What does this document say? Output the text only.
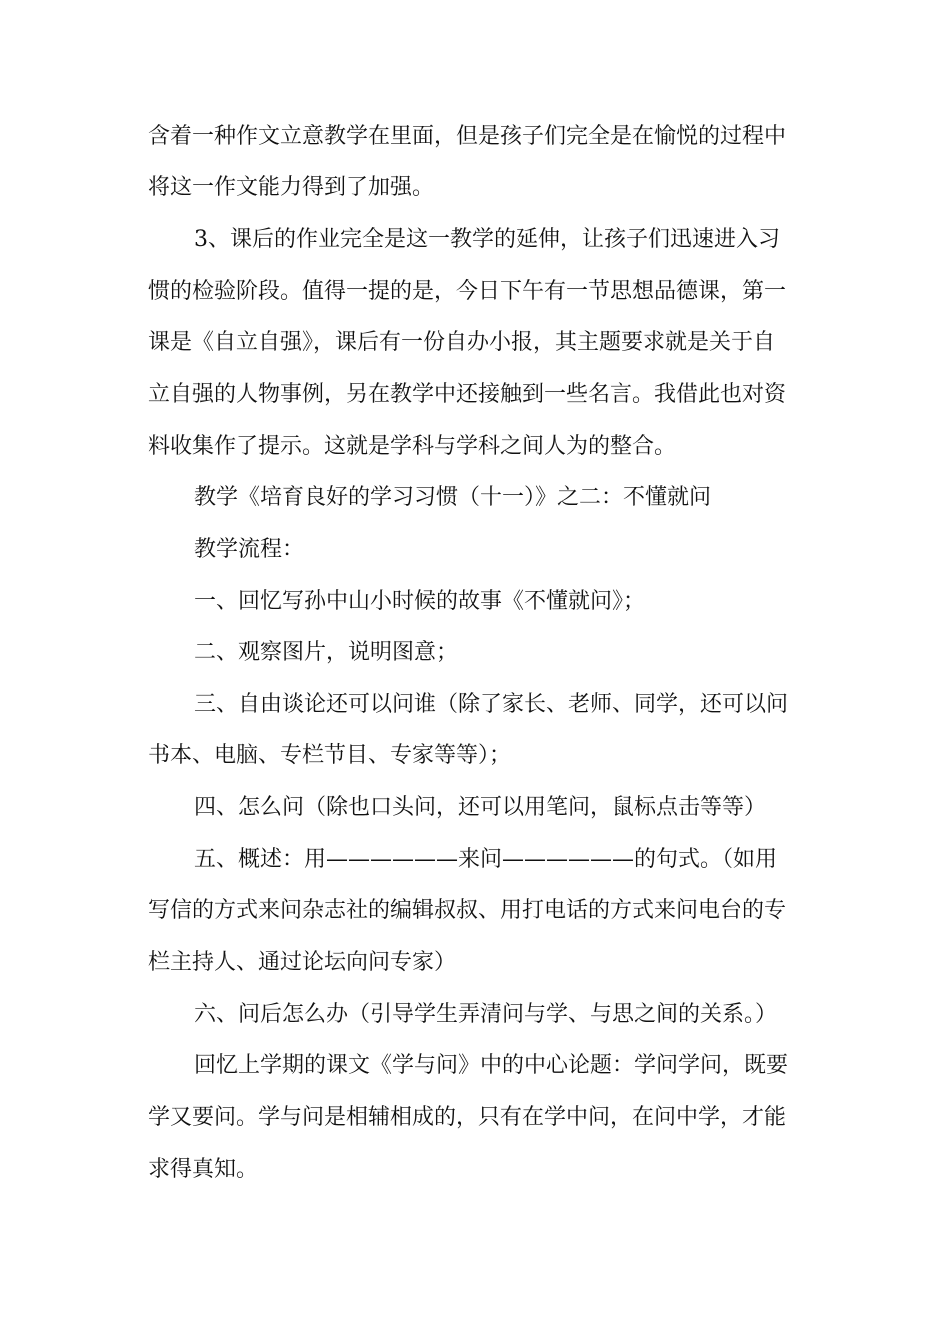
含着一种作文立意教学在里面，但是孩子们完全是在愉悦的过程中
将这一作文能力得到了加强。
3、课后的作业完全是这一教学的延伸，让孩子们迅速进入习
惯的检验阶段。值得一提的是，今日下午有一节思想品德课，第一
课是《自立自强》，课后有一份自办小报，其主题要求就是关于自
立自强的人物事例，另在教学中还接触到一些名言。我借此也对资
料收集作了提示。这就是学科与学科之间人为的整合。
教学《培育良好的学习习惯（十一）》之二：不懂就问
教学流程：
一、回忆写孙中山小时候的故事《不懂就问》；
二、观察图片，说明图意；
三、自由谈论还可以问谁（除了家长、老师、同学，还可以问
书本、电脑、专栏节目、专家等等）；
四、怎么问（除也口头问，还可以用笔问，鼠标点击等等）
五、概述：用——————来问——————的句式。（如用
写信的方式来问杂志社的编辑叔叔、用打电话的方式来问电台的专
栏主持人、通过论坛向问专家）
六、问后怎么办（引导学生弄清问与学、与思之间的关系。）
回忆上学期的课文《学与问》中的中心论题：学问学问，既要
学又要问。学与问是相辅相成的，只有在学中问，在问中学，才能
求得真知。
